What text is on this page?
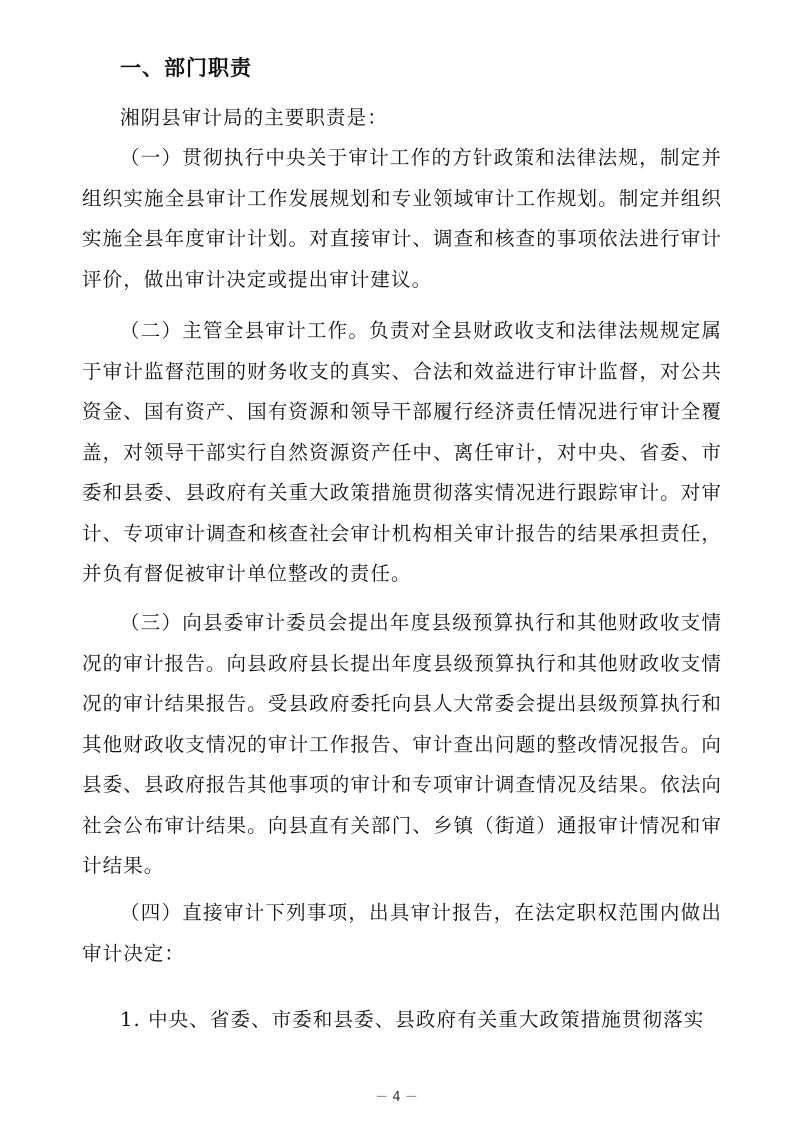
一、部门职责
湘阴县审计局的主要职责是：
（一）贯彻执行中央关于审计工作的方针政策和法律法规，制定并组织实施全县审计工作发展规划和专业领域审计工作规划。制定并组织实施全县年度审计计划。对直接审计、调查和核查的事项依法进行审计评价，做出审计决定或提出审计建议。
（二）主管全县审计工作。负责对全县财政收支和法律法规规定属于审计监督范围的财务收支的真实、合法和效益进行审计监督，对公共资金、国有资产、国有资源和领导干部履行经济责任情况进行审计全覆盖，对领导干部实行自然资源资产任中、离任审计，对中央、省委、市委和县委、县政府有关重大政策措施贯彻落实情况进行跟踪审计。对审计、专项审计调查和核查社会审计机构相关审计报告的结果承担责任，并负有督促被审计单位整改的责任。
（三）向县委审计委员会提出年度县级预算执行和其他财政收支情况的审计报告。向县政府县长提出年度县级预算执行和其他财政收支情况的审计结果报告。受县政府委托向县人大常委会提出县级预算执行和其他财政收支情况的审计工作报告、审计查出问题的整改情况报告。向县委、县政府报告其他事项的审计和专项审计调查情况及结果。依法向社会公布审计结果。向县直有关部门、乡镇（街道）通报审计情况和审计结果。
（四）直接审计下列事项，出具审计报告，在法定职权范围内做出审计决定：
1. 中央、省委、市委和县委、县政府有关重大政策措施贯彻落实
－ 4 －
